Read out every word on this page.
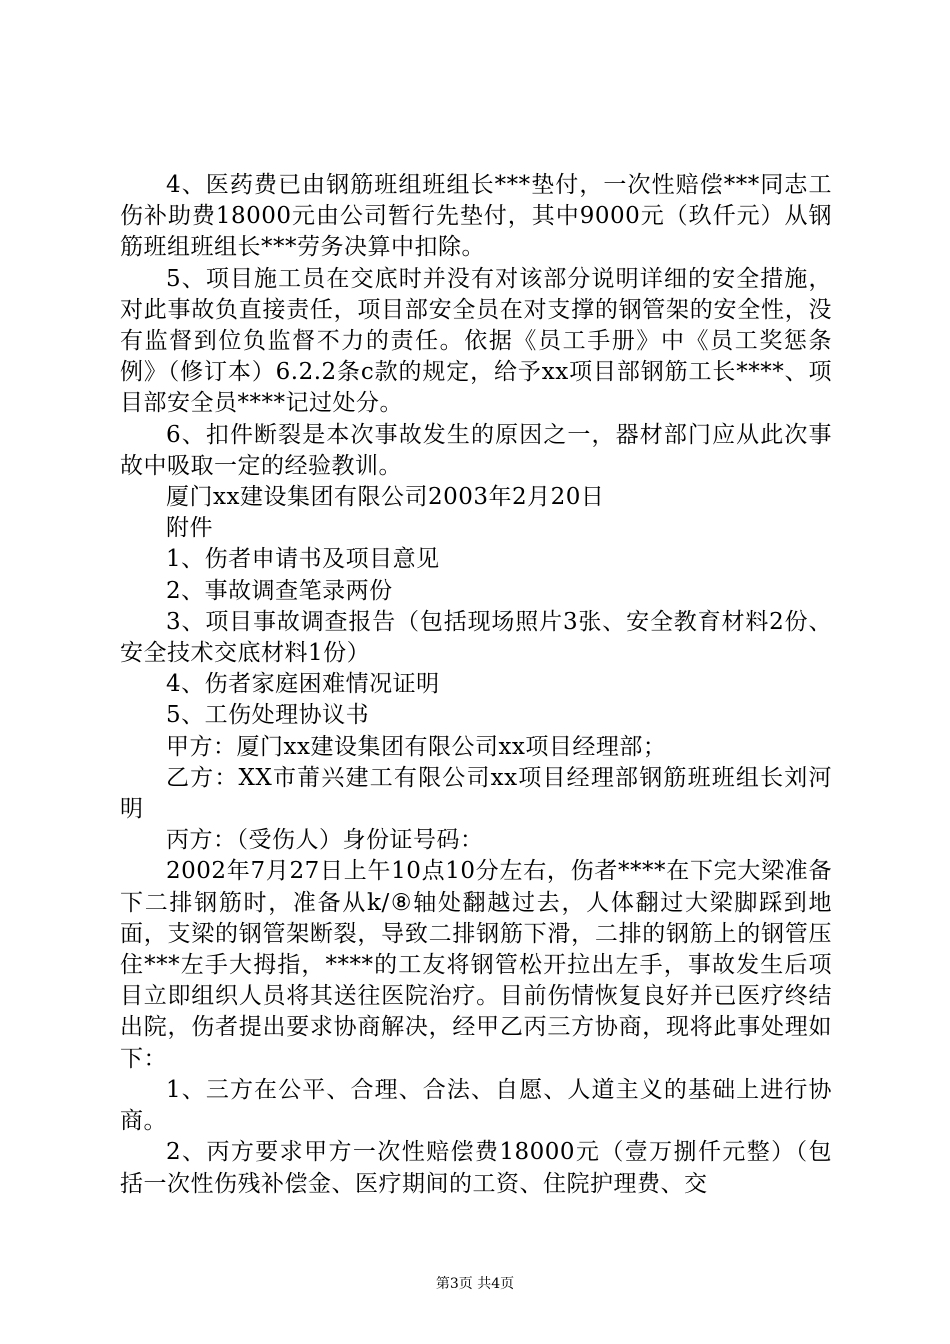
4、医药费已由钢筋班组班组长***垫付，一次性赔偿***同志工伤补助费18000元由公司暂行先垫付，其中9000元（玖仟元）从钢筋班组班组长***劳务决算中扣除。

5、项目施工员在交底时并没有对该部分说明详细的安全措施，对此事故负直接责任，项目部安全员在对支撑的钢管架的安全性，没有监督到位负监督不力的责任。依据《员工手册》中《员工奖惩条例》（修订本）6.2.2条c款的规定，给予xx项目部钢筋工长****、项目部安全员****记过处分。

6、扣件断裂是本次事故发生的原因之一，器材部门应从此次事故中吸取一定的经验教训。

厦门xx建设集团有限公司2003年2月20日

附件

1、伤者申请书及项目意见

2、事故调查笔录两份

3、项目事故调查报告（包括现场照片3张、安全教育材料2份、安全技术交底材料1份）

4、伤者家庭困难情况证明

5、工伤处理协议书

甲方：厦门xx建设集团有限公司xx项目经理部；

乙方：XX市莆兴建工有限公司xx项目经理部钢筋班班组长刘河明

丙方：（受伤人）身份证号码：

2002年7月27日上午10点10分左右，伤者****在下完大梁准备下二排钢筋时，准备从k/⑧轴处翻越过去，人体翻过大梁脚踩到地面，支梁的钢管架断裂，导致二排钢筋下滑，二排的钢筋上的钢管压住***左手大拇指，****的工友将钢管松开拉出左手，事故发生后项目立即组织人员将其送往医院治疗。目前伤情恢复良好并已医疗终结出院，伤者提出要求协商解决，经甲乙丙三方协商，现将此事处理如下：

1、三方在公平、合理、合法、自愿、人道主义的基础上进行协商。

2、丙方要求甲方一次性赔偿费18000元（壹万捌仟元整）（包括一次性伤残补偿金、医疗期间的工资、住院护理费、交

第3页 共4页
